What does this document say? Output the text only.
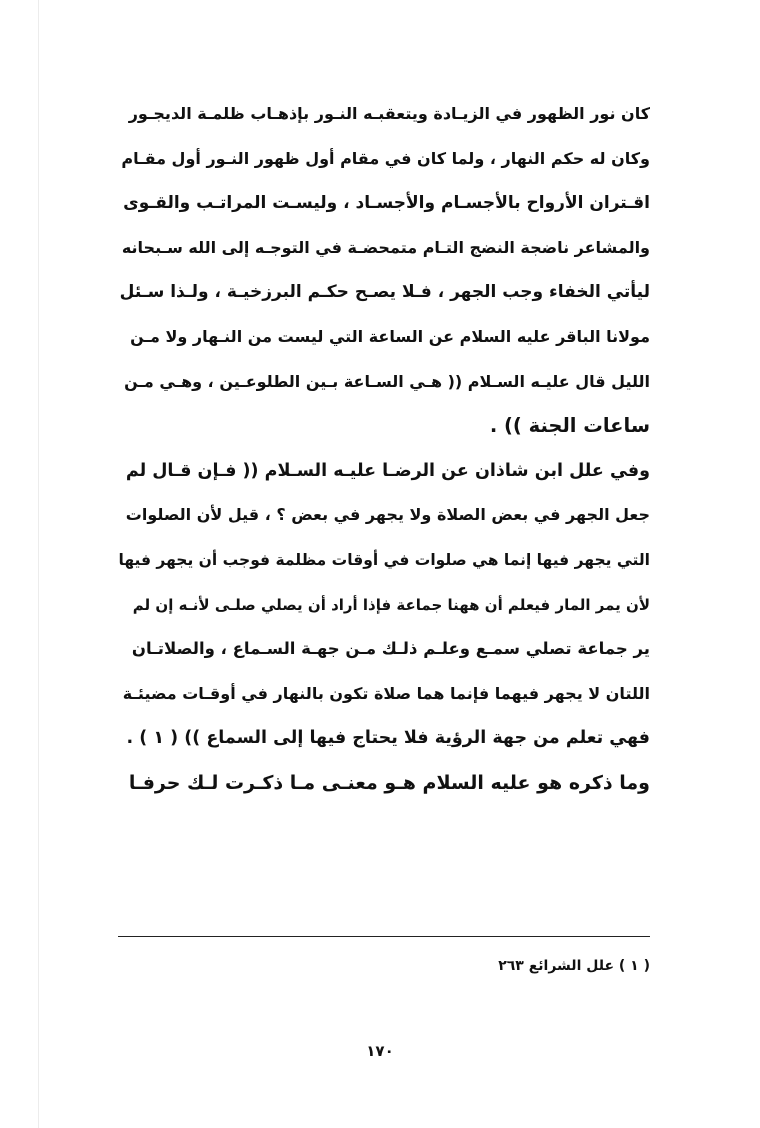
كان نور الظهور في الزيـادة ويتعقبـه النـور بإذهـاب ظلمـة الديجـور
وكان له حكم النهار ، ولما كان في مقام أول ظهور النـور أول مقـام
اقـتران الأرواح بالأجسـام والأجسـاد ، وليسـت المراتـب والقـوى
والمشاعر ناضجة النضج التـام متمحضـة في التوجـه إلى الله سـبحانه
ليأتي الخفاء وجب الجهر ، فـلا يصـح حكـم البرزخيـة ، ولـذا سـئل
مولانا الباقر عليه السلام عن الساعة التي ليست من النـهار ولا مـن
الليل قال عليـه السـلام (( هـي السـاعة بـين الطلوعـين ، وهـي مـن
ساعات الجنة )) .
وفي علل ابن شاذان عن الرضـا عليـه السـلام (( فـإن قـال لم
جعل الجهر في بعض الصلاة ولا يجهر في بعض ؟ ، قيل لأن الصلوات
التي يجهر فيها إنما هي صلوات في أوقات مظلمة فوجب أن يجهر فيها
لأن يمر المار فيعلم أن ههنا جماعة فإذا أراد أن يصلي صلـى لأنـه إن لم
ير جماعة تصلي سمـع وعلـم ذلـك مـن جهـة السـماع ، والصلاتـان
اللتان لا يجهر فيهما فإنما هما صلاة تكون بالنهار في أوقـات مضيئـة
فهي تعلم من جهة الرؤية فلا يحتاج فيها إلى السماع )) ( ١ ) .
وما ذكره هو عليه السلام هـو معنـى مـا ذكـرت لـك حرفـا
( ١ ) علل الشرائع ٢٦٣
١٧٠
